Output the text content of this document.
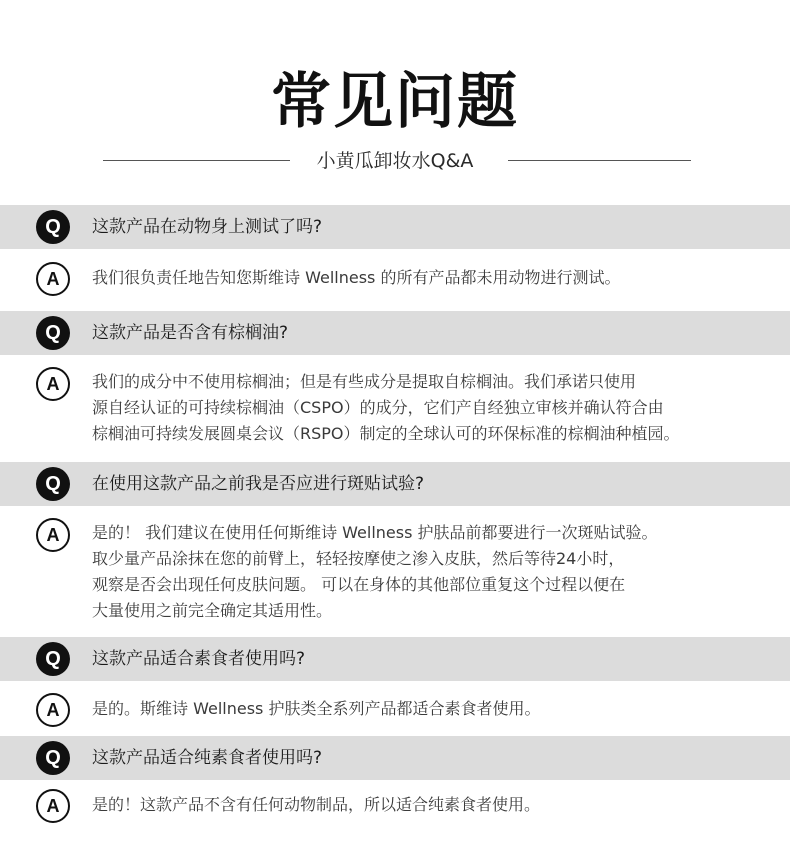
常见问题
小黄瓜卸妆水Q&A
Q	这款产品在动物身上测试了吗?
A	我们很负责任地告知您斯维诗 Wellness 的所有产品都未用动物进行测试。
Q	这款产品是否含有棕榈油?
A	我们的成分中不使用棕榈油；但是有些成分是提取自棕榈油。我们承诺只使用
源自经认证的可持续棕榈油（CSPO）的成分，它们产自经独立审核并确认符合由
棕榈油可持续发展圆桌会议（RSPO）制定的全球认可的环保标准的棕榈油种植园。
Q	在使用这款产品之前我是否应进行斑贴试验?
A	是的！ 我们建议在使用任何斯维诗 Wellness 护肤品前都要进行一次斑贴试验。
取少量产品涂抹在您的前臂上，轻轻按摩使之渗入皮肤，然后等待24小时，
观察是否会出现任何皮肤问题。 可以在身体的其他部位重复这个过程以便在
大量使用之前完全确定其适用性。
Q	这款产品适合素食者使用吗?
A	是的。斯维诗 Wellness 护肤类全系列产品都适合素食者使用。
Q	这款产品适合纯素食者使用吗?
A	是的！这款产品不含有任何动物制品，所以适合纯素食者使用。
